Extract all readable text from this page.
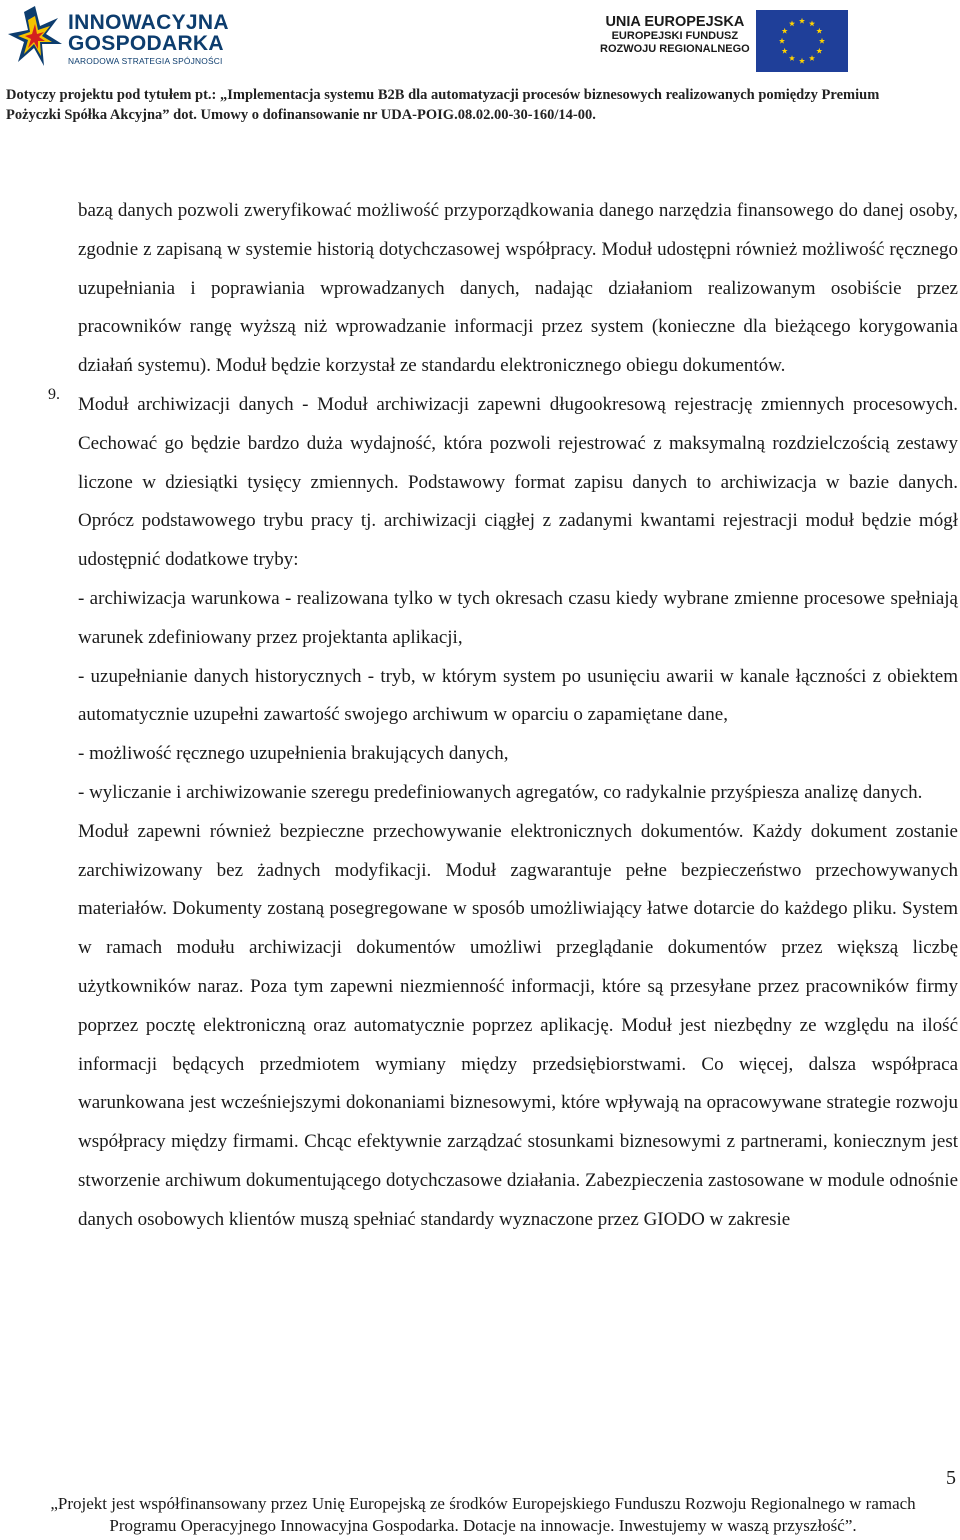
INNOWACYJNA
GOSPODARKA
NARODOWA STRATEGIA SPÓJNOŚCI
UNIA EUROPEJSKA
EUROPEJSKI FUNDUSZ
ROZWOJU REGIONALNEGO
Dotyczy projektu pod tytułem pt.: „Implementacja systemu B2B dla automatyzacji procesów biznesowych realizowanych pomiędzy Premium
Pożyczki Spółka Akcyjna” dot. Umowy o dofinansowanie nr UDA-POIG.08.02.00-30-160/14-00.

bazą danych pozwoli zweryfikować możliwość przyporządkowania danego narzędzia finansowego do danej osoby, zgodnie z zapisaną w systemie historią dotychczasowej współpracy. Moduł udostępni również możliwość ręcznego uzupełniania i poprawiania wprowadzanych danych, nadając działaniom realizowanym osobiście przez pracowników rangę wyższą niż wprowadzanie informacji przez system (konieczne dla bieżącego korygowania działań systemu). Moduł będzie korzystał ze standardu elektronicznego obiegu dokumentów.

9. Moduł archiwizacji danych - Moduł archiwizacji zapewni długookresową rejestrację zmiennych procesowych. Cechować go będzie bardzo duża wydajność, która pozwoli rejestrować z maksymalną rozdzielczością zestawy liczone w dziesiątki tysięcy zmiennych. Podstawowy format zapisu danych to archiwizacja w bazie danych. Oprócz podstawowego trybu pracy tj. archiwizacji ciągłej z zadanymi kwantami rejestracji moduł będzie mógł udostępnić dodatkowe tryby:

- archiwizacja warunkowa - realizowana tylko w tych okresach czasu kiedy wybrane zmienne procesowe spełniają warunek zdefiniowany przez projektanta aplikacji,

- uzupełnianie danych historycznych - tryb, w którym system po usunięciu awarii w kanale łączności z obiektem automatycznie uzupełni zawartość swojego archiwum w oparciu o zapamiętane dane,

- możliwość ręcznego uzupełnienia brakujących danych,

- wyliczanie i archiwizowanie szeregu predefiniowanych agregatów, co radykalnie przyśpiesza analizę danych.

Moduł zapewni również bezpieczne przechowywanie elektronicznych dokumentów. Każdy dokument zostanie zarchiwizowany bez żadnych modyfikacji. Moduł zagwarantuje pełne bezpieczeństwo przechowywanych materiałów. Dokumenty zostaną posegregowane w sposób umożliwiający łatwe dotarcie do każdego pliku. System w ramach modułu archiwizacji dokumentów umożliwi przeglądanie dokumentów przez większą liczbę użytkowników naraz. Poza tym zapewni niezmienność informacji, które są przesyłane przez pracowników firmy poprzez pocztę elektroniczną oraz automatycznie poprzez aplikację. Moduł jest niezbędny ze względu na ilość informacji będących przedmiotem wymiany między przedsiębiorstwami. Co więcej, dalsza współpraca warunkowana jest wcześniejszymi dokonaniami biznesowymi, które wpływają na opracowywane strategie rozwoju współpracy między firmami. Chcąc efektywnie zarządzać stosunkami biznesowymi z partnerami, koniecznym jest stworzenie archiwum dokumentującego dotychczasowe działania. Zabezpieczenia zastosowane w module odnośnie danych osobowych klientów muszą spełniać standardy wyznaczone przez GIODO w zakresie

5
„Projekt jest współfinansowany przez Unię Europejską ze środków Europejskiego Funduszu Rozwoju Regionalnego w ramach
Programu Operacyjnego Innowacyjna Gospodarka. Dotacje na innowacje. Inwestujemy w waszą przyszłość”.
